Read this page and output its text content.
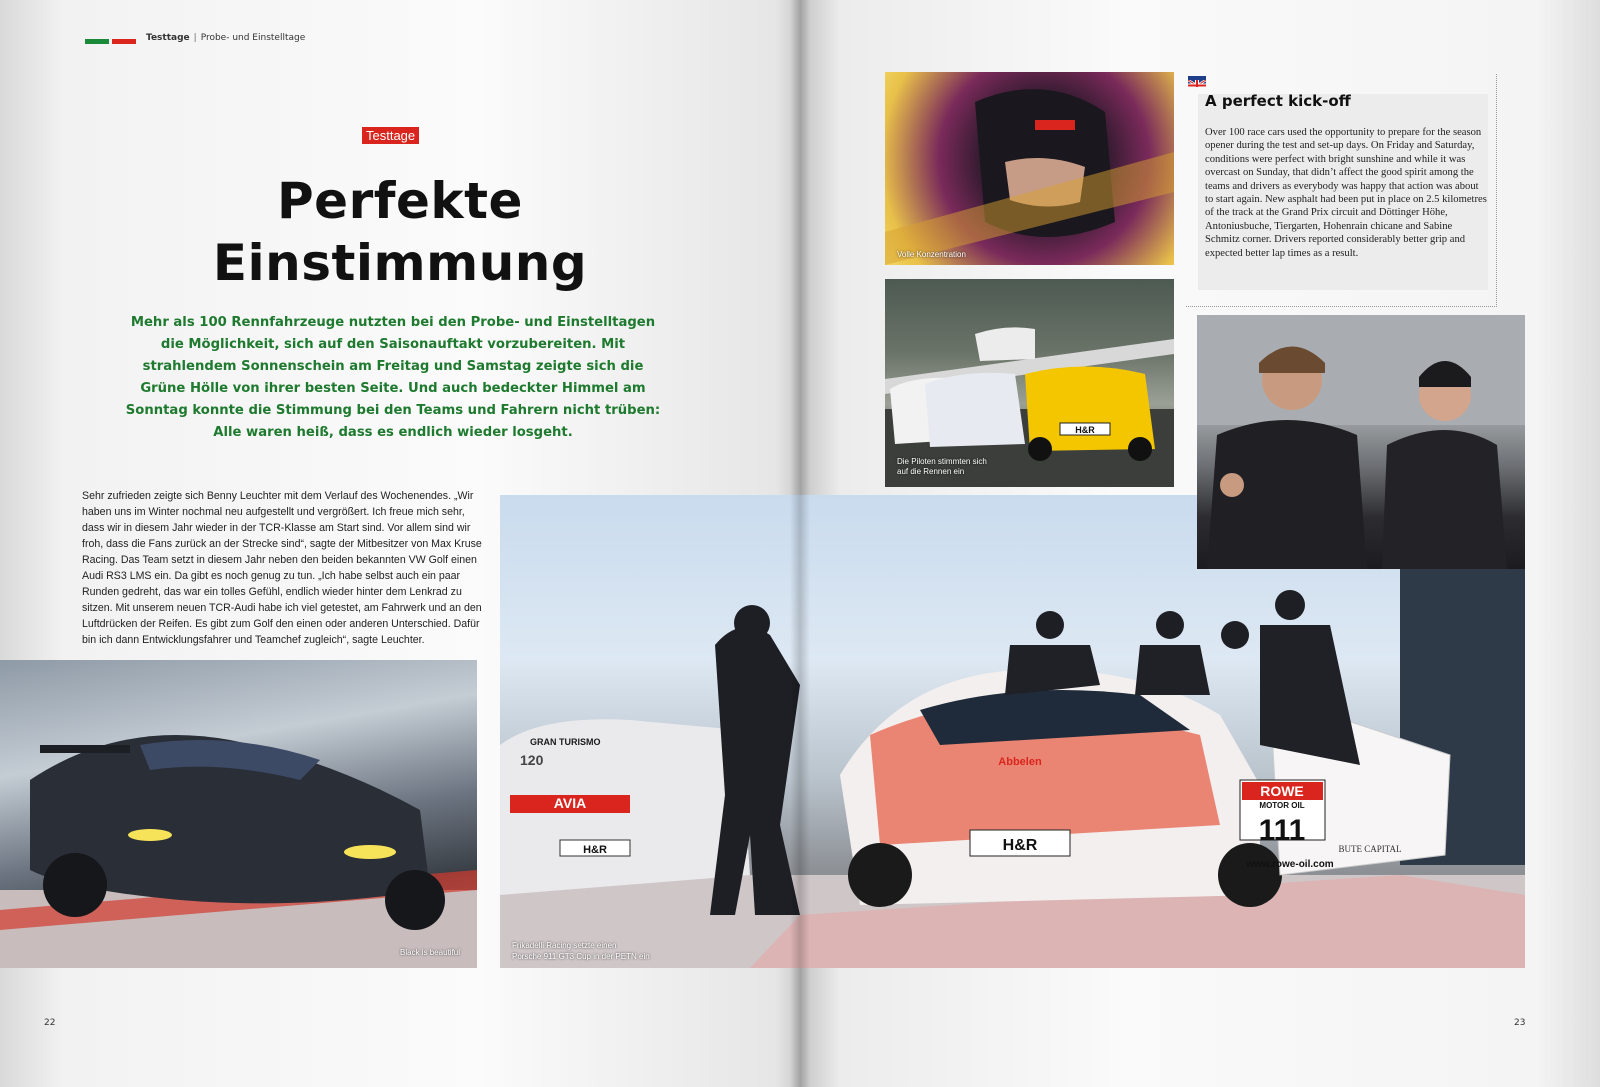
Testtage | Probe- und Einstelltage
Testtage
Perfekte
Einstimmung

Mehr als 100 Rennfahrzeuge nutzten bei den Probe- und Einstelltagen die Möglichkeit, sich auf den Saisonauftakt vorzubereiten. Mit strahlendem Sonnenschein am Freitag und Samstag zeigte sich die Grüne Hölle von ihrer besten Seite. Und auch bedeckter Himmel am Sonntag konnte die Stimmung bei den Teams und Fahrern nicht trüben: Alle waren heiß, dass es endlich wieder losgeht.

Sehr zufrieden zeigte sich Benny Leuchter mit dem Verlauf des Wochenendes. „Wir haben uns im Winter nochmal neu aufgestellt und vergrößert. Ich freue mich sehr, dass wir in diesem Jahr wieder in der TCR-Klasse am Start sind. Vor allem sind wir froh, dass die Fans zurück an der Strecke sind“, sagte der Mitbesitzer von Max Kruse Racing. Das Team setzt in diesem Jahr neben den beiden bekannten VW Golf einen Audi RS3 LMS ein. Da gibt es noch genug zu tun. „Ich habe selbst auch ein paar Runden gedreht, das war ein tolles Gefühl, endlich wieder hinter dem Lenkrad zu sitzen. Mit unserem neuen TCR-Audi habe ich viel getestet, am Fahrwerk und an den Luftdrücken der Reifen. Es gibt zum Golf den einen oder anderen Unterschied. Dafür bin ich dann Entwicklungsfahrer und Teamchef zugleich“, sagte Leuchter.

Black is beautiful
22	23
AVIA
120
GRAN TURISMO
H&R	H&R
Abbelen
ROWE
MOTOR OIL
111
www.rowe-oil.com
BUTE CAPITAL
Frikadelli Racing setzte einen
Porsche 911 GT3 Cup in der PETN ein
Volle Konzentration
H&R
Die Piloten stimmten sich
auf die Rennen ein
A perfect kick-off

Over 100 race cars used the opportunity to prepare for the season opener during the test and set-up days. On Friday and Saturday, conditions were perfect with bright sunshine and while it was overcast on Sunday, that didn’t affect the good spirit among the teams and drivers as everybody was happy that action was about to start again. New asphalt had been put in place on 2.5 kilometres of the track at the Grand Prix circuit and Döttinger Höhe, Antoniusbuche, Tiergarten, Hohenrain chicane and Sabine Schmitz corner. Drivers reported considerably better grip and expected better lap times as a result.
